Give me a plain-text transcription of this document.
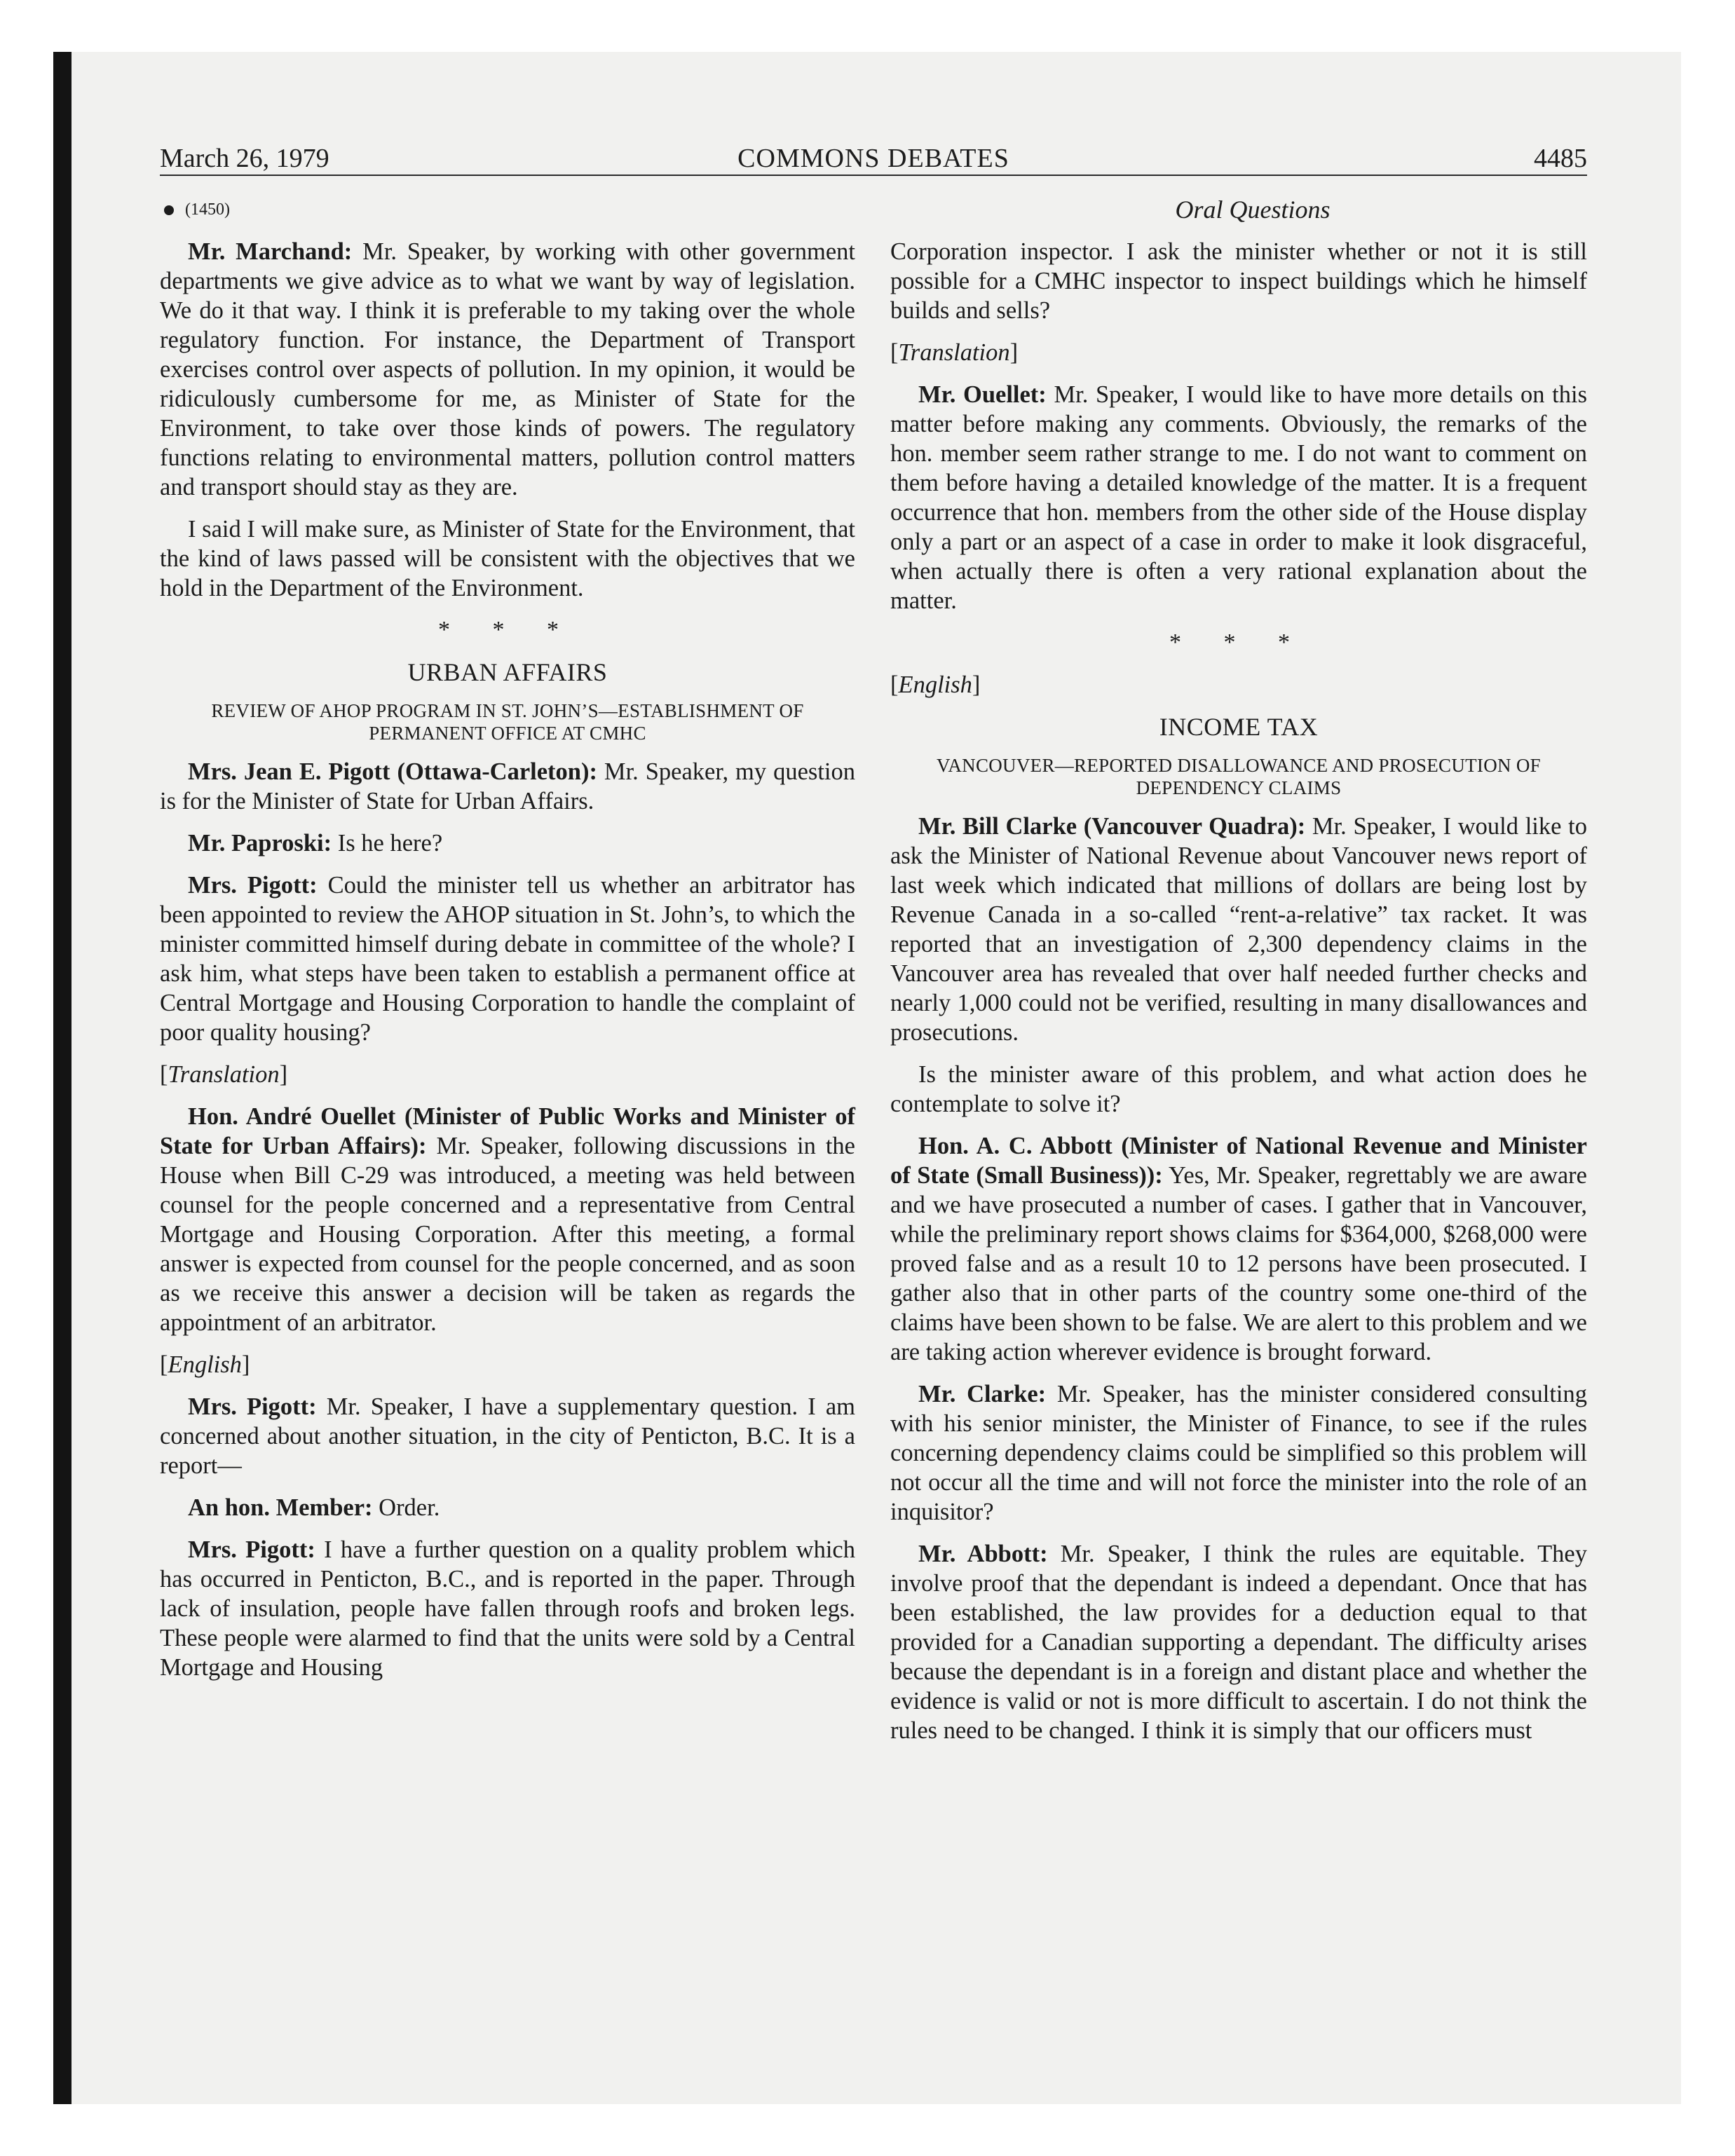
March 26, 1979	COMMONS DEBATES	4485

(1450)

Mr. Marchand: Mr. Speaker, by working with other government departments we give advice as to what we want by way of legislation. We do it that way. I think it is preferable to my taking over the whole regulatory function. For instance, the Department of Transport exercises control over aspects of pollution. In my opinion, it would be ridiculously cumbersome for me, as Minister of State for the Environment, to take over those kinds of powers. The regulatory functions relating to environmental matters, pollution control matters and transport should stay as they are.

I said I will make sure, as Minister of State for the Environment, that the kind of laws passed will be consistent with the objectives that we hold in the Department of the Environment.

* * *

URBAN AFFAIRS

REVIEW OF AHOP PROGRAM IN ST. JOHN’S—ESTABLISHMENT OF PERMANENT OFFICE AT CMHC

Mrs. Jean E. Pigott (Ottawa-Carleton): Mr. Speaker, my question is for the Minister of State for Urban Affairs.

Mr. Paproski: Is he here?

Mrs. Pigott: Could the minister tell us whether an arbitrator has been appointed to review the AHOP situation in St. John’s, to which the minister committed himself during debate in committee of the whole? I ask him, what steps have been taken to establish a permanent office at Central Mortgage and Housing Corporation to handle the complaint of poor quality housing?

[Translation]

Hon. André Ouellet (Minister of Public Works and Minister of State for Urban Affairs): Mr. Speaker, following discussions in the House when Bill C-29 was introduced, a meeting was held between counsel for the people concerned and a representative from Central Mortgage and Housing Corporation. After this meeting, a formal answer is expected from counsel for the people concerned, and as soon as we receive this answer a decision will be taken as regards the appointment of an arbitrator.

[English]

Mrs. Pigott: Mr. Speaker, I have a supplementary question. I am concerned about another situation, in the city of Penticton, B.C. It is a report—

An hon. Member: Order.

Mrs. Pigott: I have a further question on a quality problem which has occurred in Penticton, B.C., and is reported in the paper. Through lack of insulation, people have fallen through roofs and broken legs. These people were alarmed to find that the units were sold by a Central Mortgage and Housing

Oral Questions

Corporation inspector. I ask the minister whether or not it is still possible for a CMHC inspector to inspect buildings which he himself builds and sells?

[Translation]

Mr. Ouellet: Mr. Speaker, I would like to have more details on this matter before making any comments. Obviously, the remarks of the hon. member seem rather strange to me. I do not want to comment on them before having a detailed knowledge of the matter. It is a frequent occurrence that hon. members from the other side of the House display only a part or an aspect of a case in order to make it look disgraceful, when actually there is often a very rational explanation about the matter.

* * *

[English]

INCOME TAX

VANCOUVER—REPORTED DISALLOWANCE AND PROSECUTION OF DEPENDENCY CLAIMS

Mr. Bill Clarke (Vancouver Quadra): Mr. Speaker, I would like to ask the Minister of National Revenue about Vancouver news report of last week which indicated that millions of dollars are being lost by Revenue Canada in a so-called “rent-a-relative” tax racket. It was reported that an investigation of 2,300 dependency claims in the Vancouver area has revealed that over half needed further checks and nearly 1,000 could not be verified, resulting in many disallowances and prosecutions.

Is the minister aware of this problem, and what action does he contemplate to solve it?

Hon. A. C. Abbott (Minister of National Revenue and Minister of State (Small Business)): Yes, Mr. Speaker, regrettably we are aware and we have prosecuted a number of cases. I gather that in Vancouver, while the preliminary report shows claims for $364,000, $268,000 were proved false and as a result 10 to 12 persons have been prosecuted. I gather also that in other parts of the country some one-third of the claims have been shown to be false. We are alert to this problem and we are taking action wherever evidence is brought forward.

Mr. Clarke: Mr. Speaker, has the minister considered consulting with his senior minister, the Minister of Finance, to see if the rules concerning dependency claims could be simplified so this problem will not occur all the time and will not force the minister into the role of an inquisitor?

Mr. Abbott: Mr. Speaker, I think the rules are equitable. They involve proof that the dependant is indeed a dependant. Once that has been established, the law provides for a deduction equal to that provided for a Canadian supporting a dependant. The difficulty arises because the dependant is in a foreign and distant place and whether the evidence is valid or not is more difficult to ascertain. I do not think the rules need to be changed. I think it is simply that our officers must
